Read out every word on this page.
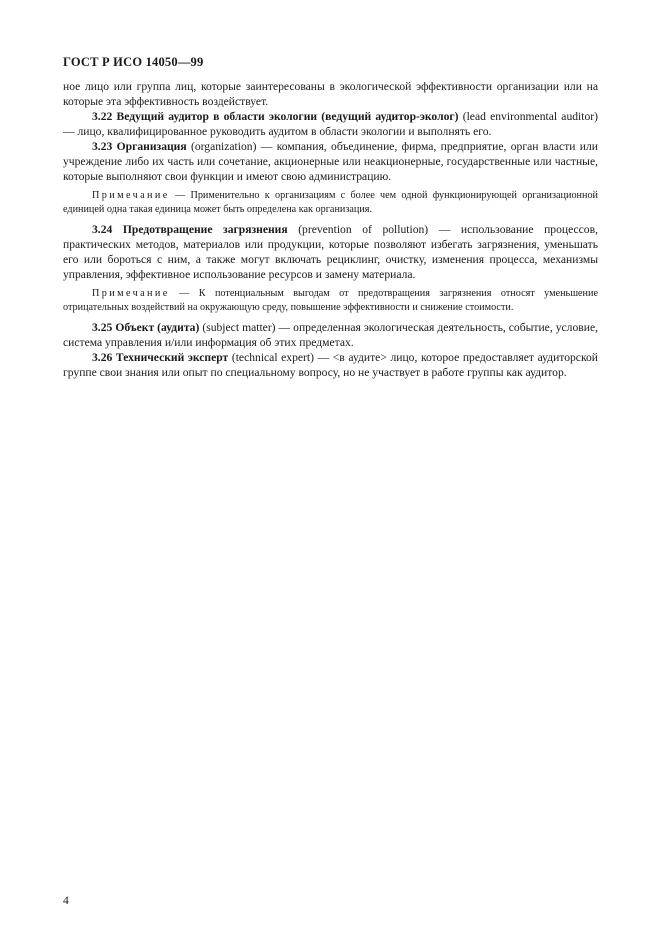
ГОСТ Р ИСО 14050—99

ное лицо или группа лиц, которые заинтересованы в экологической эффективности организации или на которые эта эффективность воздействует.

3.22 Ведущий аудитор в области экологии (ведущий аудитор-эколог) (lead environmental auditor) — лицо, квалифицированное руководить аудитом в области экологии и выполнять его.

3.23 Организация (organization) — компания, объединение, фирма, предприятие, орган власти или учреждение либо их часть или сочетание, акционерные или неакционерные, государственные или частные, которые выполняют свои функции и имеют свою администрацию.

Примечание — Применительно к организациям с более чем одной функционирующей организационной единицей одна такая единица может быть определена как организация.

3.24 Предотвращение загрязнения (prevention of pollution) — использование процессов, практических методов, материалов или продукции, которые позволяют избегать загрязнения, уменьшать его или бороться с ним, а также могут включать рециклинг, очистку, изменения процесса, механизмы управления, эффективное использование ресурсов и замену материала.

Примечание — К потенциальным выгодам от предотвращения загрязнения относят уменьшение отрицательных воздействий на окружающую среду, повышение эффективности и снижение стоимости.

3.25 Объект (аудита) (subject matter) — определенная экологическая деятельность, событие, условие, система управления и/или информация об этих предметах.

3.26 Технический эксперт (technical expert) — <в аудите> лицо, которое предоставляет аудиторской группе свои знания или опыт по специальному вопросу, но не участвует в работе группы как аудитор.

4
